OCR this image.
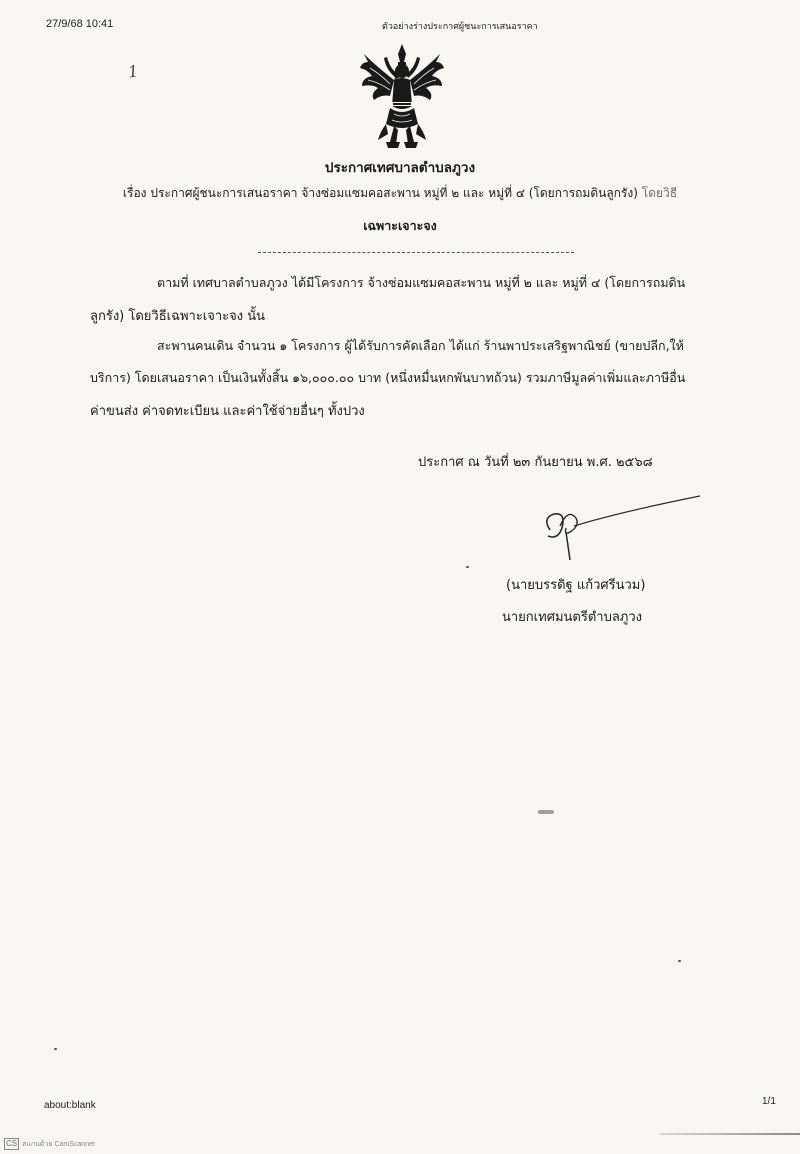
27/9/68 10:41	ตัวอย่างร่างประกาศผู้ชนะการเสนอราคา
1
ประกาศเทศบาลตำบลภูวง
เรื่อง ประกาศผู้ชนะการเสนอราคา จ้างซ่อมแซมคอสะพาน หมู่ที่ ๒ และ หมู่ที่ ๔ (โดยการถมดินลูกรัง) โดยวิธี
เฉพาะเจาะจง
ตามที่ เทศบาลตำบลภูวง ได้มีโครงการ จ้างซ่อมแซมคอสะพาน หมู่ที่ ๒ และ หมู่ที่ ๔ (โดยการถมดิน
ลูกรัง) โดยวิธีเฉพาะเจาะจง นั้น
สะพานคนเดิน จำนวน ๑ โครงการ ผู้ได้รับการคัดเลือก ได้แก่ ร้านพาประเสริฐพาณิชย์ (ขายปลีก,ให้
บริการ) โดยเสนอราคา เป็นเงินทั้งสิ้น ๑๖,๐๐๐.๐๐ บาท (หนึ่งหมื่นหกพันบาทถ้วน) รวมภาษีมูลค่าเพิ่มและภาษีอื่น
ค่าขนส่ง ค่าจดทะเบียน และค่าใช้จ่ายอื่นๆ ทั้งปวง
ประกาศ ณ วันที่ ๒๓ กันยายน พ.ศ. ๒๕๖๘
(นายบรรดิฐ แก้วศรีนวม)
นายกเทศมนตรีตำบลภูวง
about:blank	1/1
CS สแกนด้วย CamScanner
